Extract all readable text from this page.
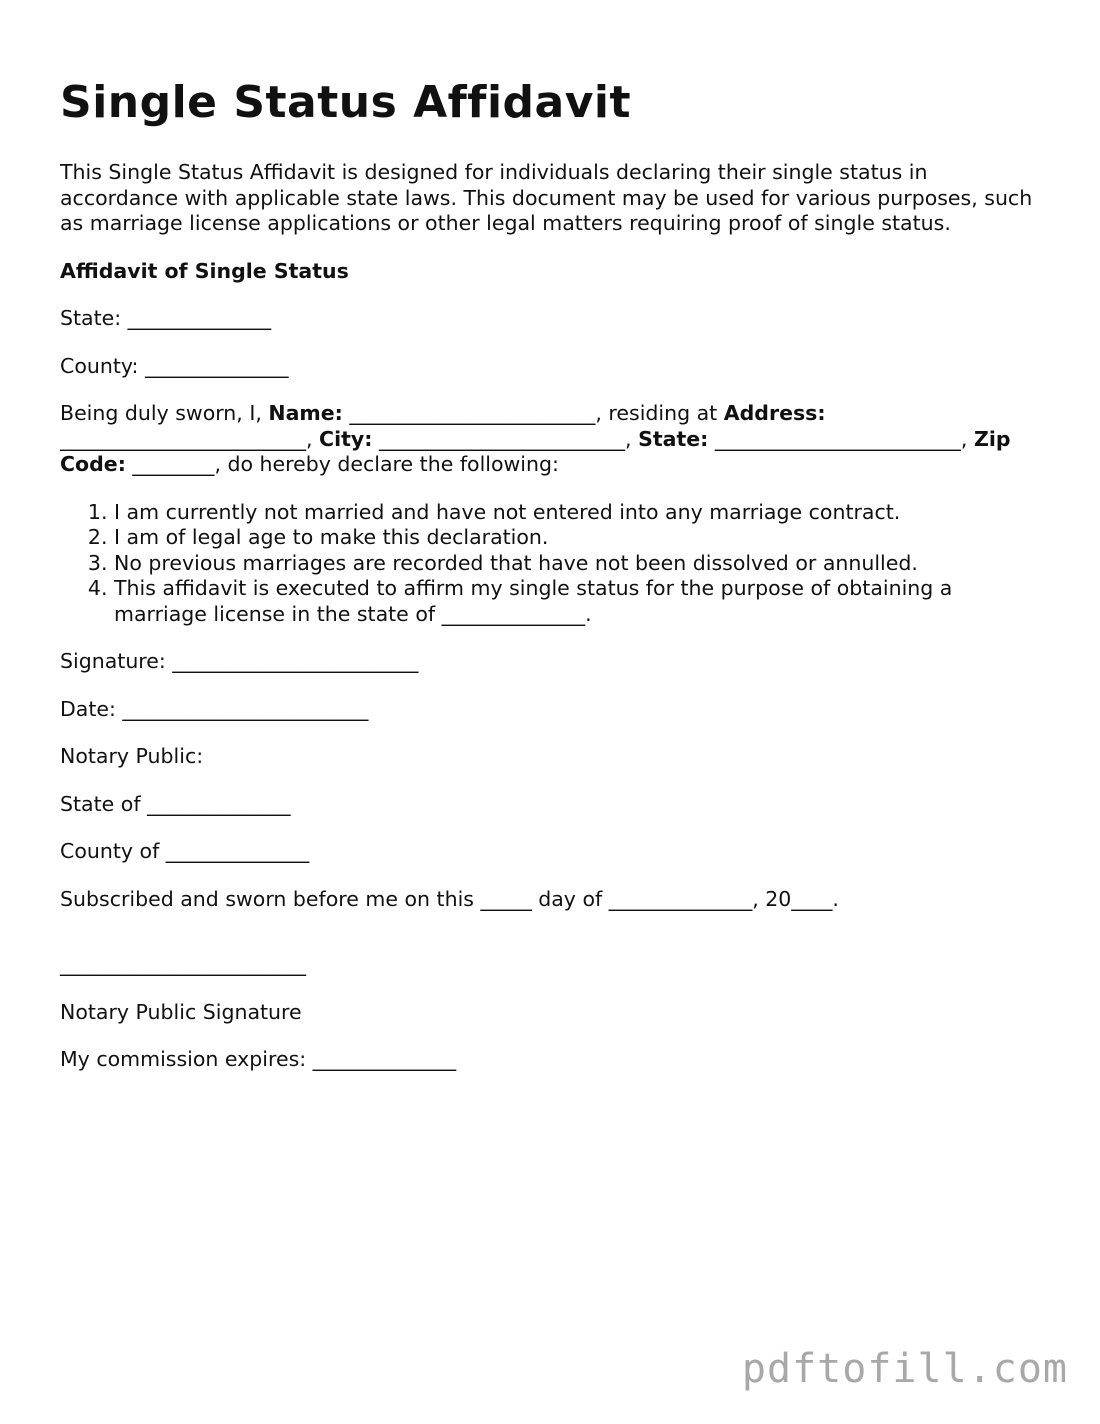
Single Status Affidavit

This Single Status Affidavit is designed for individuals declaring their single status in accordance with applicable state laws. This document may be used for various purposes, such as marriage license applications or other legal matters requiring proof of single status.

Affidavit of Single Status

State: ______________

County: ______________

Being duly sworn, I, Name: ________________________, residing at Address: ________________________, City: ________________________, State: ________________________, Zip Code: ________, do hereby declare the following:

1. I am currently not married and have not entered into any marriage contract.
2. I am of legal age to make this declaration.
3. No previous marriages are recorded that have not been dissolved or annulled.
4. This affidavit is executed to affirm my single status for the purpose of obtaining a marriage license in the state of ______________.

Signature: ________________________

Date: ________________________

Notary Public:

State of ______________

County of ______________

Subscribed and sworn before me on this _____ day of ______________, 20____.

________________________

Notary Public Signature

My commission expires: ______________

pdftofill.com
